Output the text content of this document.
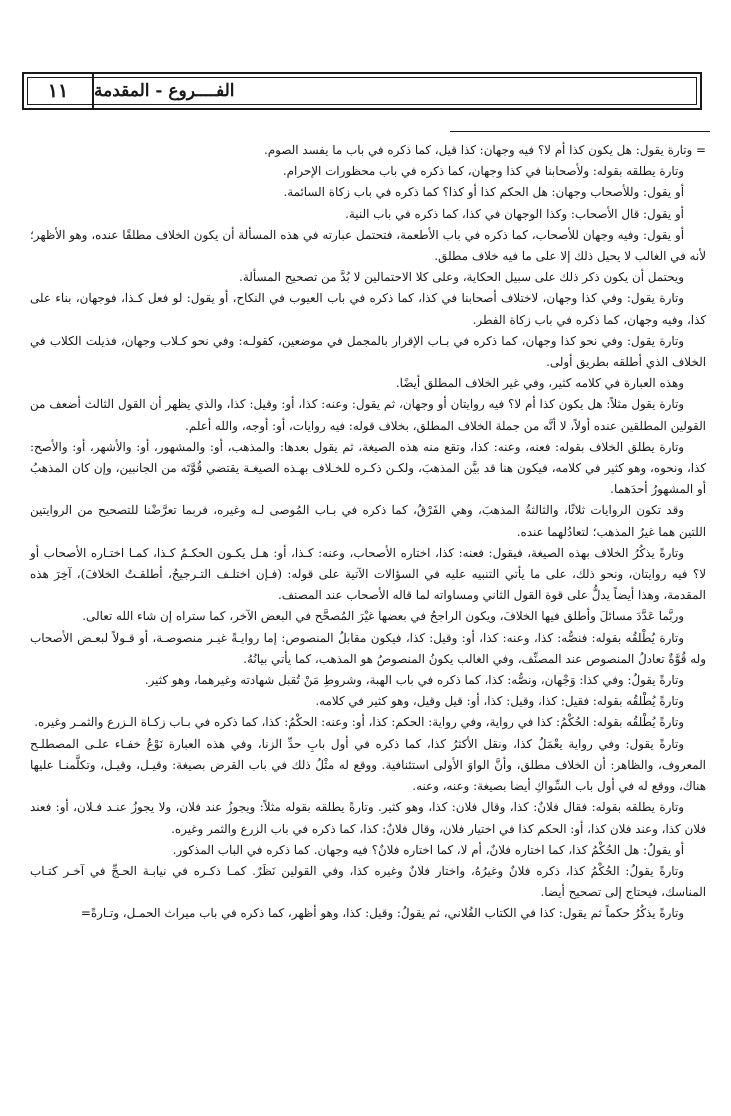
١١	الفــــروع - المقدمة

= وتارة يقول: هل يكون كذا أم لا؟ فيه وجهان: كذا قيل، كما ذكره في باب ما يفسد الصوم.

وتارة يطلقه بقوله: ولأصحابنا في كذا وجهان، كما ذكره في باب محظورات الإحرام.

أو يقول: وللأصحاب وجهان: هل الحكم كذا أو كذا؟ كما ذكره في باب زكاة السائمة.

أو يقول: قال الأصحاب: وكذا الوجهان في كذا، كما ذكره في باب النية.

أو يقول: وفيه وجهان للأصحاب، كما ذكره في باب الأطعمة، فتحتمل عبارته في هذه المسألة أن يكون الخلاف مطلقًا عنده، وهو الأظهر؛ لأنه في الغالب لا يحيل ذلك إلا على ما فيه خلاف مطلق.

ويحتمل أن يكون ذكر ذلك على سبيل الحكاية، وعلى كلا الاحتمالين لا بُدَّ من تصحيح المسألة.

وتارة يقول: وفي كذا وجهان، لاختلاف أصحابنا في كذا، كما ذكره في باب العيوب في النكاح، أو يقول: لو فعل كـذا، فوجهان، بناء على كذا، وفيه وجهان، كما ذكره في باب زكاة الفطر.

وتارة يقول: وفي نحو كذا وجهان، كما ذكره في بـاب الإقرار بالمجمل في موضعين، كقولـه: وفي نحو كـلاب وجهان، فذيلت الكلاب في الخلاف الذي أطلقه بطريق أولى.

وهذه العبارة في كلامه كثير، وفي غير الخلاف المطلق أيضًا.

وتارة يقول مثلاً: هل يكون كذا أم لا؟ فيه روايتان أو وجهان، ثم يقول: وعنه: كذا، أو: وقيل: كذا، والذي يظهر أن القول الثالث أضعف من القولين المطلقين عنده أولاً، لا أنَّه من جملة الخلاف المطلق، بخلاف قوله: فيه روايات، أو: أوجه، والله أعلم.

وتارة يطلق الخلاف بقوله: فعنه، وعنه: كذا، وتقع منه هذه الصيغة، ثم يقول بعدها: والمذهب، أو: والمشهور، أو: والأشهر، أو: والأصح: كذا، ونحوه، وهو كثير في كلامه، فيكون هنا قد بيَّن المذهبَ، ولكـن ذكـره للخـلاف بهـذه الصيغـة يقتضي قُوَّتَه من الجانبين، وإن كان المذهبُ أو المشهورُ أحدَهما.

وقد تكون الروايات ثلاثًا، والثالثةُ المذهبَ، وهي الفَرْقُ، كما ذكره في بـاب المُوصى لـه وغيره، فربما تعرَّضْنا للتصحيح من الروايتين اللتين هما غيرُ المذهب؛ لتعادُلهما عنده.

وتارةً يذكُرُ الخلاف بهذه الصيغة، فيقول: فعنه: كذا، اختاره الأصحاب، وعنه: كـذا، أو: هـل يكـون الحكـمُ كـذا، كمـا اختـاره الأصحاب أو لا؟ فيه روايتان، ونحو ذلك، على ما يأتي التنبيه عليه في السؤالات الآتية على قوله: (فـإن اختلـف التـرجيحُ، أطلقـتُ الخلافَ)، آخِرَ هذه المقدمة، وهذا أيضاً يدلُّ على قوة القول الثاني ومساواته لما قاله الأصحاب عند المصنف.

وربَّما عَدَّدَ مسائلَ وأطلق فيها الخلافَ، ويكون الراجحُ في بعضها غيْرَ المُصحَّح في البعض الآخر، كما ستراه إن شاء الله تعالى.

وتارة يُطْلقُه بقوله: فنصُّه: كذا، وعنه: كذا، أو: وقيل: كذا، فيكون مقابلُ المنصوص: إما روايـةً غيـر منصوصـة، أو قـولاً لبعـض الأصحاب وله قُوَّةٌ تعادلُ المنصوص عند المصنِّف، وفي الغالب يكونُ المنصوصُ هو المذهب، كما يأتي بيانُهُ.

وتارةً يقولُ: وفي كذا: وَجْهان، ونصُّه: كذا، كما ذكره في باب الهبة، وشروطِ مَنْ تُقبل شهادته وغيرهما، وهو كثير.

وتارةً يُطْلقُه بقوله: فقيل: كذا، وقيل: كذا، أو: قيل وقيل، وهو كثير في كلامه.

وتارةً يُطْلقُه بقوله: الحُكْمُ: كذا في رواية، وفي رواية: الحكم: كذا، أو: وعنه: الحكْمُ: كذا، كما ذكره في بـاب زكـاة الـزرع والثمـر وغيره.

وتارةً يقول: وفي رواية يعْمَلُ كذا، ونقل الأكثرُ كذا، كما ذكره في أول بابِ حدِّ الزنا، وفي هذه العبارة نَوْعُ خفـاء علـى المصطلـح المعروف، والظاهر: أن الخلاف مطلق، وأنَّ الواوَ الأولى استئنافية. ووقع له مثْلُ ذلك في باب القرض بصيغة: وقيـل، وقيـل، وتكلَّمنـا عليها هناك، ووقع له في أول باب السِّواكِ أيضا بصيغة: وعنه، وعنه.

وتارة يطلقه بقوله: فقال فلانٌ: كذا، وقال فلان: كذا، وهو كثير. وتارةً يطلقه بقوله مثلاً: ويجوزُ عند فلان، ولا يجوزُ عنـد فـلان، أو: فعند فلان كذا، وعند فلان كذا، أو: الحكم كذا في اختيار فلان، وقال فلانٌ: كذا، كما ذكره في باب الزرع والثمر وغيره.

أو يقولُ: هل الحُكْمُ كذا، كما اختاره فلانٌ، أم لا، كما اختاره فلانٌ؟ فيه وجهان. كما ذكره في الباب المذكور.

وتارةً يقولُ: الحُكْمُ كذا، ذكره فلانٌ وغيرُهُ، واختار فلانٌ وغيره كذا، وفي القولين نَظَرٌ. كمـا ذكـره في نيابـة الحـجِّ في آخـر كتـاب المناسك، فيحتاج إلى تصحيح أيضا.

وتارةً يذكُرُ حكماً ثم يقول: كذا في الكتاب الفُلاني، ثم يقولُ: وقيل: كذا، وهو أظهر، كما ذكره في باب ميراث الحمـل، وتـارةً=
